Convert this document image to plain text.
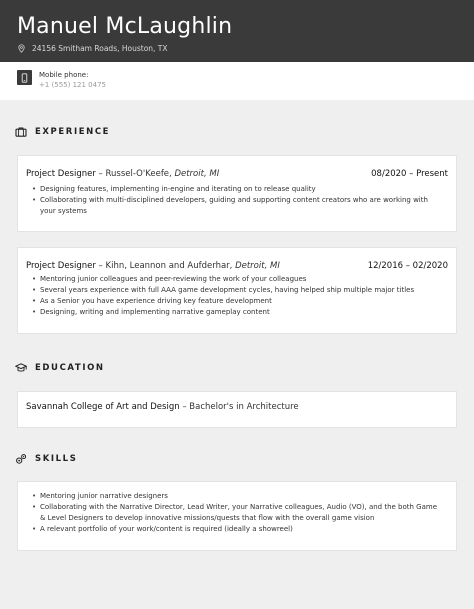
Manuel McLaughlin
24156 Smitham Roads, Houston, TX
Mobile phone:
+1 (555) 121 0475
EXPERIENCE
Project Designer – Russel-O'Keefe, Detroit, MI	08/2020 – Present
• Designing features, implementing in-engine and iterating on to release quality
• Collaborating with multi-disciplined developers, guiding and supporting content creators who are working with your systems
Project Designer – Kihn, Leannon and Aufderhar, Detroit, MI	12/2016 – 02/2020
• Mentoring junior colleagues and peer-reviewing the work of your colleagues
• Several years experience with full AAA game development cycles, having helped ship multiple major titles
• As a Senior you have experience driving key feature development
• Designing, writing and implementing narrative gameplay content
EDUCATION
Savannah College of Art and Design – Bachelor's in Architecture
SKILLS
• Mentoring junior narrative designers
• Collaborating with the Narrative Director, Lead Writer, your Narrative colleagues, Audio (VO), and the both Game & Level Designers to develop innovative missions/quests that flow with the overall game vision
• A relevant portfolio of your work/content is required (ideally a showreel)
